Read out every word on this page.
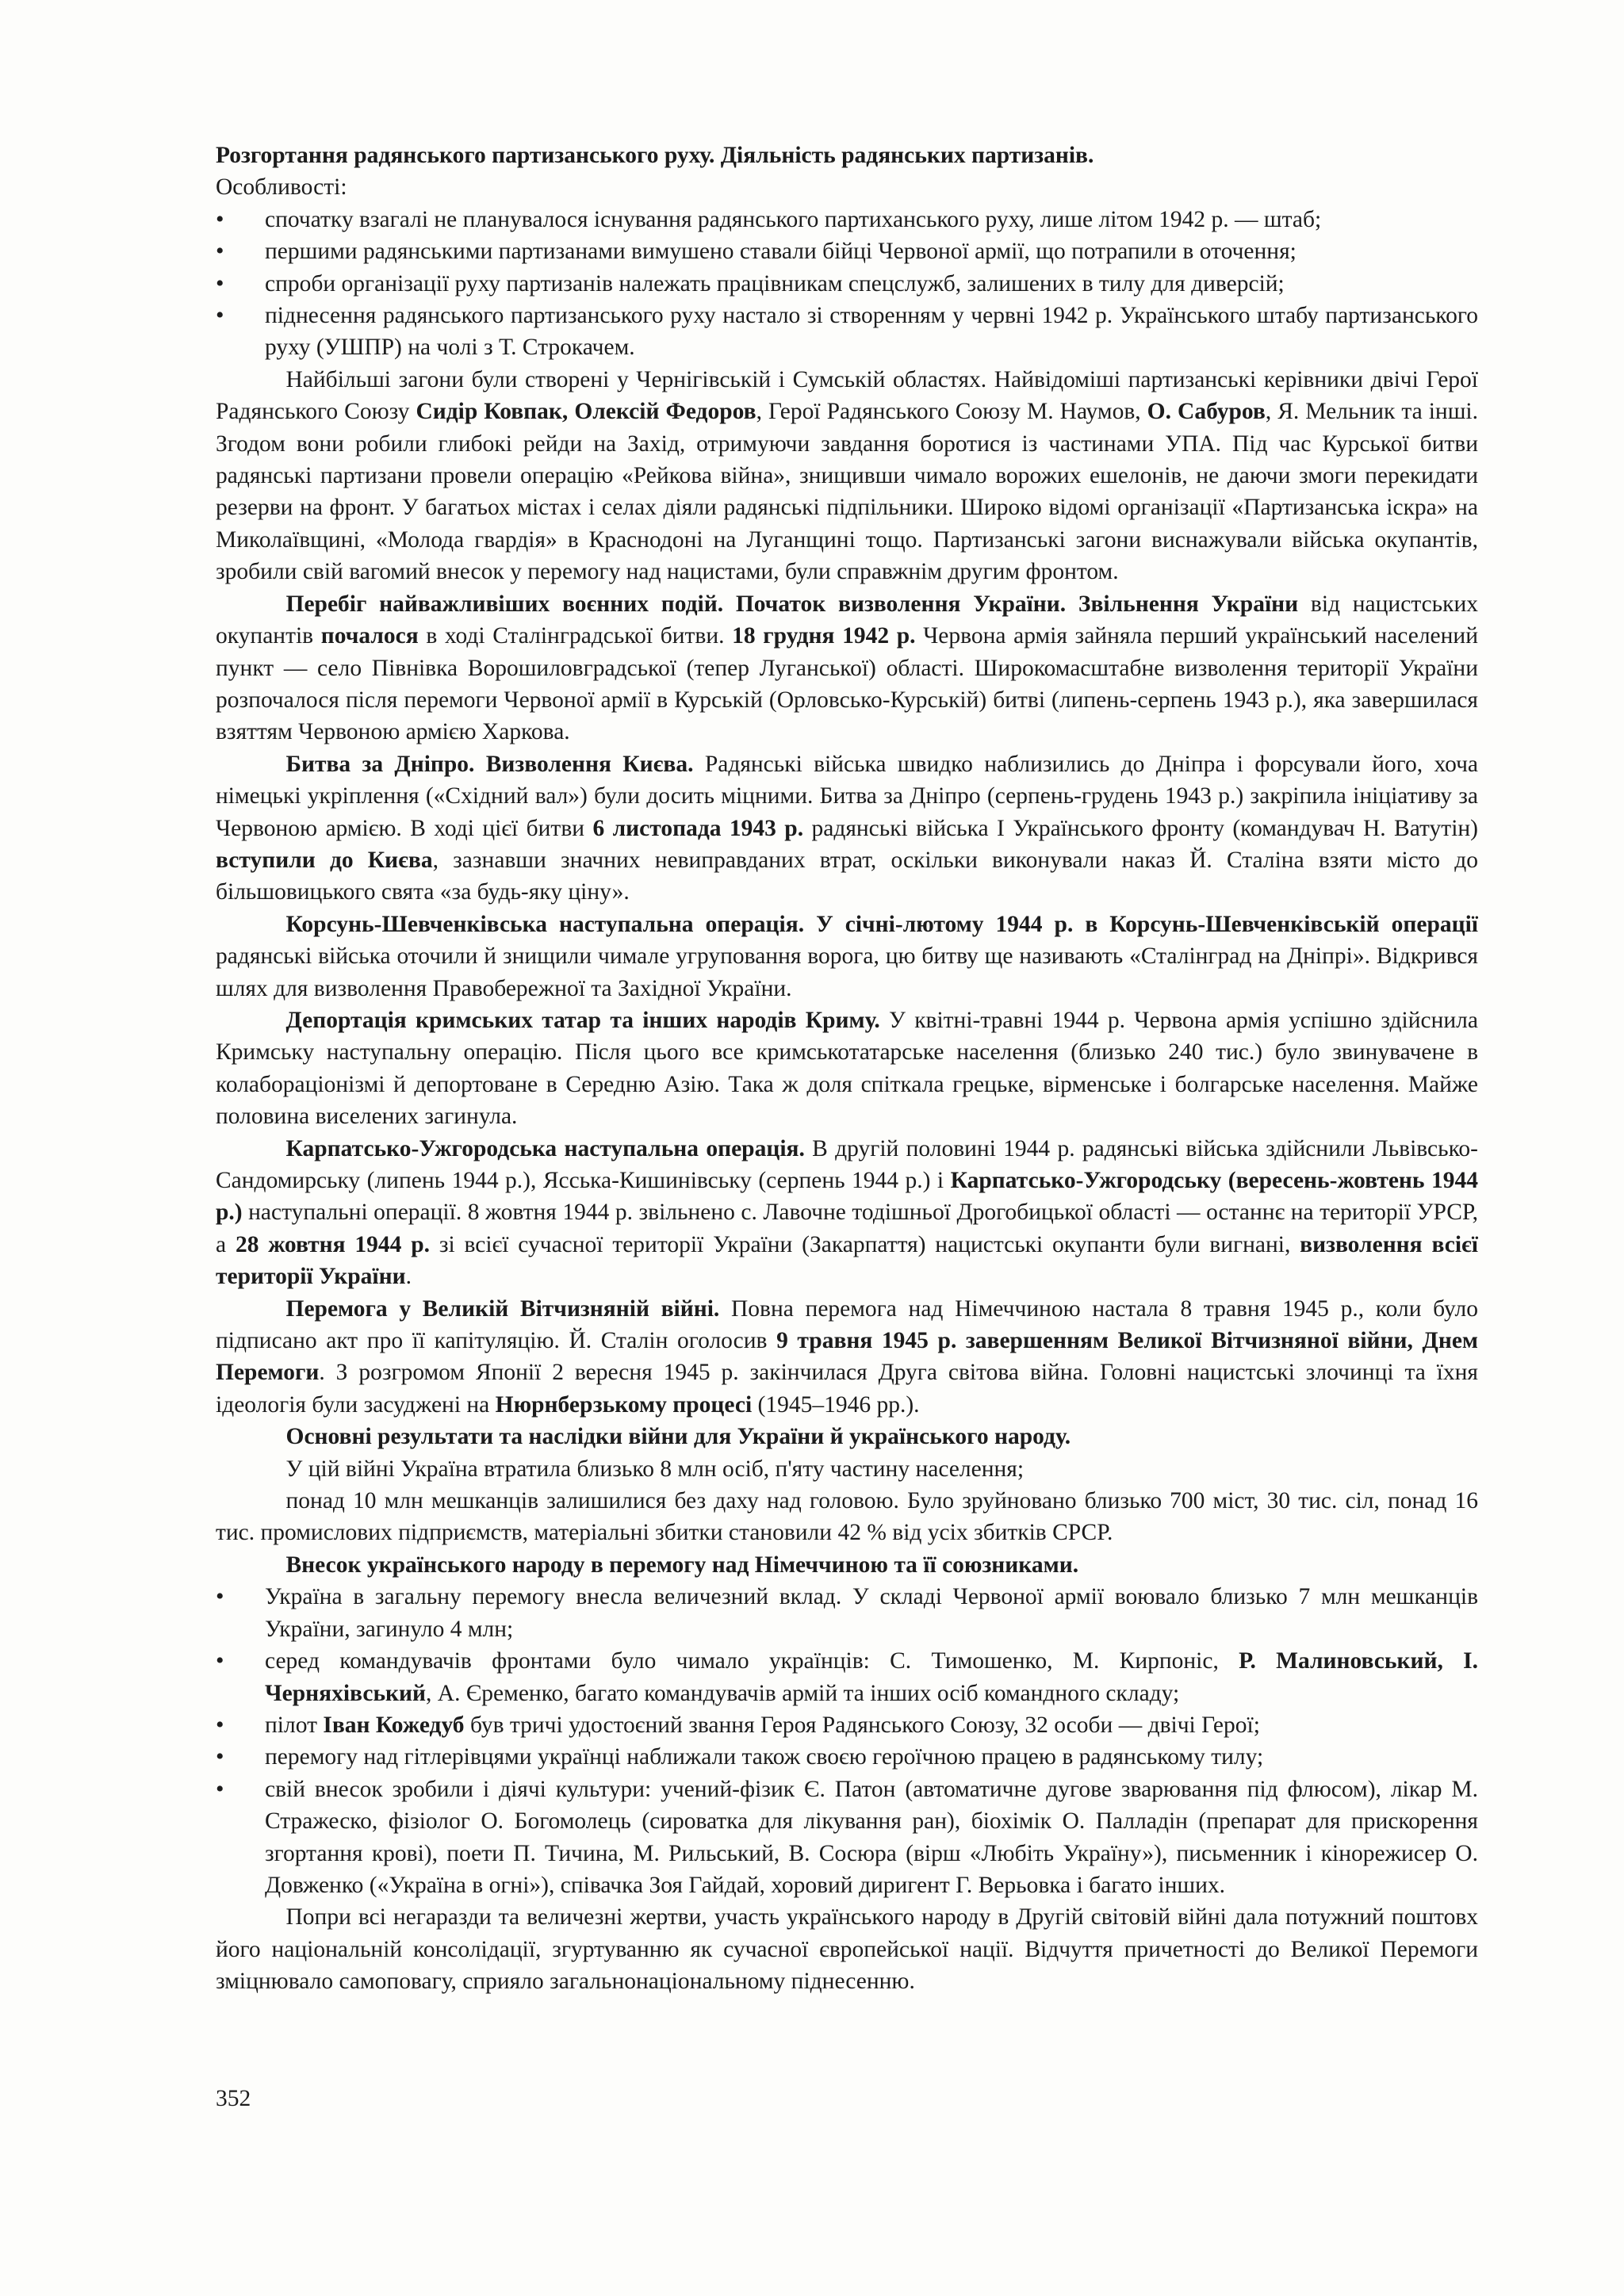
Розгортання радянського партизанського руху. Діяльність радянських партизанів.

Особливості:

• спочатку взагалі не планувалося існування радянського партиханського руху, лише літом 1942 р. — штаб;
• першими радянськими партизанами вимушено ставали бійці Червоної армії, що потрапили в оточення;
• спроби організації руху партизанів належать працівникам спецслужб, залишених в тилу для диверсій;
• піднесення радянського партизанського руху настало зі створенням у червні 1942 р. Українського штабу партизанського руху (УШПР) на чолі з Т. Строкачем.

   Найбільші загони були створені у Чернігівській і Сумській областях. Найвідоміші партизанські керівники двічі Герої Радянського Союзу Сидір Ковпак, Олексій Федоров, Герої Радянського Союзу М. Наумов, О. Сабуров, Я. Мельник та інші. Згодом вони робили глибокі рейди на Захід, отримуючи завдання боротися із частинами УПА. Під час Курської битви радянські партизани провели операцію «Рейкова війна», знищивши чимало ворожих ешелонів, не даючи змоги перекидати резерви на фронт. У багатьох містах і селах діяли радянські підпільники. Широко відомі організації «Партизанська іскра» на Миколаївщині, «Молода гвардія» в Краснодоні на Луганщині тощо. Партизанські загони виснажували війська окупантів, зробили свій вагомий внесок у перемогу над нацистами, були справжнім другим фронтом.

   Перебіг найважливіших воєнних подій. Початок визволення України. Звільнення України від нацистських окупантів почалося в ході Сталінградської битви. 18 грудня 1942 р. Червона армія зайняла перший український населений пункт — село Півнівка Ворошиловградської (тепер Луганської) області. Широкомасштабне визволення території України розпочалося після перемоги Червоної армії в Курській (Орловсько-Курській) битві (липень-серпень 1943 р.), яка завершилася взяттям Червоною армією Харкова.

   Битва за Дніпро. Визволення Києва. Радянські війська швидко наблизились до Дніпра і форсували його, хоча німецькі укріплення («Східний вал») були досить міцними. Битва за Дніпро (серпень-грудень 1943 р.) закріпила ініціативу за Червоною армією. В ході цієї битви 6 листопада 1943 р. радянські війська І Українського фронту (командувач Н. Ватутін) вступили до Києва, зазнавши значних невиправданих втрат, оскільки виконували наказ Й. Сталіна взяти місто до більшовицького свята «за будь-яку ціну».

   Корсунь-Шевченківська наступальна операція. У січні-лютому 1944 р. в Корсунь-Шевченківській операції радянські війська оточили й знищили чимале угруповання ворога, цю битву ще називають «Сталінград на Дніпрі». Відкрився шлях для визволення Правобережної та Західної України.

   Депортація кримських татар та інших народів Криму. У квітні-травні 1944 р. Червона армія успішно здійснила Кримську наступальну операцію. Після цього все кримськотатарське населення (близько 240 тис.) було звинувачене в колабораціонізмі й депортоване в Середню Азію. Така ж доля спіткала грецьке, вірменське і болгарське населення. Майже половина виселених загинула.

   Карпатсько-Ужгородська наступальна операція. В другій половині 1944 р. радянські війська здійснили Львівсько-Сандомирську (липень 1944 р.), Ясська-Кишинівську (серпень 1944 р.) і Карпатсько-Ужгородську (вересень-жовтень 1944 р.) наступальні операції. 8 жовтня 1944 р. звільнено с. Лавочне тодішньої Дрогобицької області — останнє на території УРСР, а 28 жовтня 1944 р. зі всієї сучасної території України (Закарпаття) нацистські окупанти були вигнані, визволення всієї території України.

   Перемога у Великій Вітчизняній війні. Повна перемога над Німеччиною настала 8 травня 1945 р., коли було підписано акт про її капітуляцію. Й. Сталін оголосив 9 травня 1945 р. завершенням Великої Вітчизняної війни, Днем Перемоги. З розгромом Японії 2 вересня 1945 р. закінчилася Друга світова війна. Головні нацистські злочинці та їхня ідеологія були засуджені на Нюрнберзькому процесі (1945–1946 рр.).

   Основні результати та наслідки війни для України й українського народу.

   У цій війні Україна втратила близько 8 млн осіб, п'яту частину населення;

   понад 10 млн мешканців залишилися без даху над головою. Було зруйновано близько 700 міст, 30 тис. сіл, понад 16 тис. промислових підприємств, матеріальні збитки становили 42 % від усіх збитків СРСР.

   Внесок українського народу в перемогу над Німеччиною та її союзниками.

• Україна в загальну перемогу внесла величезний вклад. У складі Червоної армії воювало близько 7 млн мешканців України, загинуло 4 млн;
• серед командувачів фронтами було чимало українців: С. Тимошенко, М. Кирпоніс, Р. Малиновський, І. Черняхівський, А. Єременко, багато командувачів армій та інших осіб командного складу;
• пілот Іван Кожедуб був тричі удостоєний звання Героя Радянського Союзу, 32 особи — двічі Герої;
• перемогу над гітлерівцями українці наближали також своєю героїчною працею в радянському тилу;
• свій внесок зробили і діячі культури: учений-фізик Є. Патон (автоматичне дугове зварювання під флюсом), лікар М. Стражеско, фізіолог О. Богомолець (сироватка для лікування ран), біохімік О. Палладін (препарат для прискорення згортання крові), поети П. Тичина, М. Рильський, В. Сосюра (вірш «Любіть Україну»), письменник і кінорежисер О. Довженко («Україна в огні»), співачка Зоя Гайдай, хоровий диригент Г. Верьовка і багато інших.

   Попри всі негаразди та величезні жертви, участь українського народу в Другій світовій війні дала потужний поштовх його національній консолідації, згуртуванню як сучасної європейської нації. Відчуття причетності до Великої Перемоги зміцнювало самоповагу, сприяло загальнонаціональному піднесенню.

352
